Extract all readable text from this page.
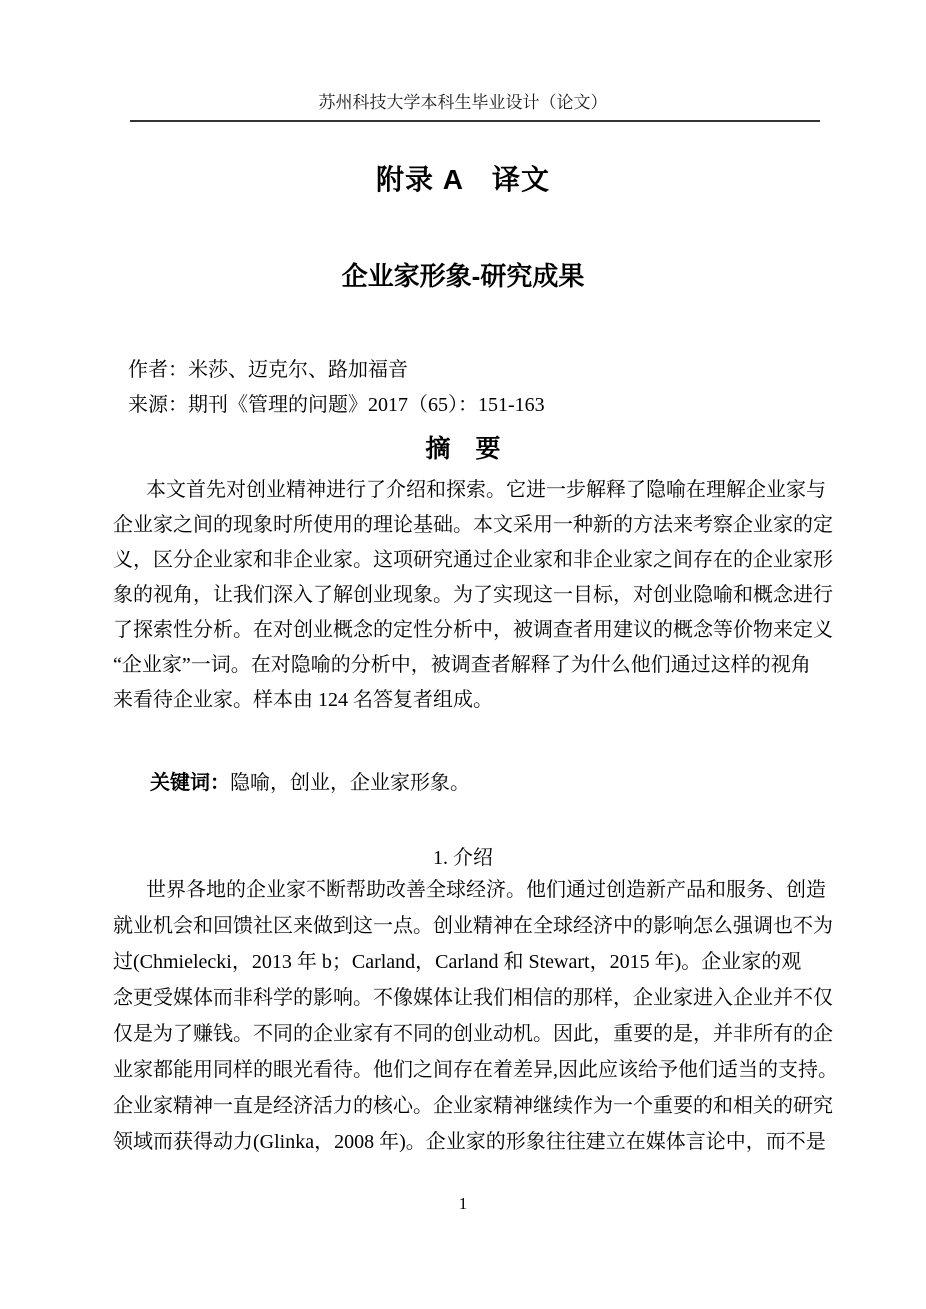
苏州科技大学本科生毕业设计（论文）
附录 A　译文
企业家形象-研究成果
作者：米莎、迈克尔、路加福音
来源：期刊《管理的问题》2017（65）：151-163
摘　要
本文首先对创业精神进行了介绍和探索。它进一步解释了隐喻在理解企业家与
企业家之间的现象时所使用的理论基础。本文采用一种新的方法来考察企业家的定
义，区分企业家和非企业家。这项研究通过企业家和非企业家之间存在的企业家形
象的视角，让我们深入了解创业现象。为了实现这一目标，对创业隐喻和概念进行
了探索性分析。在对创业概念的定性分析中，被调查者用建议的概念等价物来定义
“企业家”一词。在对隐喻的分析中，被调查者解释了为什么他们通过这样的视角
来看待企业家。样本由 124 名答复者组成。
关键词：隐喻，创业，企业家形象。
1. 介绍
世界各地的企业家不断帮助改善全球经济。他们通过创造新产品和服务、创造
就业机会和回馈社区来做到这一点。创业精神在全球经济中的影响怎么强调也不为
过(Chmielecki，2013 年 b；Carland，Carland 和 Stewart，2015 年)。企业家的观
念更受媒体而非科学的影响。不像媒体让我们相信的那样，企业家进入企业并不仅
仅是为了赚钱。不同的企业家有不同的创业动机。因此，重要的是，并非所有的企
业家都能用同样的眼光看待。他们之间存在着差异,因此应该给予他们适当的支持。
企业家精神一直是经济活力的核心。企业家精神继续作为一个重要的和相关的研究
领域而获得动力(Glinka，2008 年)。企业家的形象往往建立在媒体言论中，而不是
1
